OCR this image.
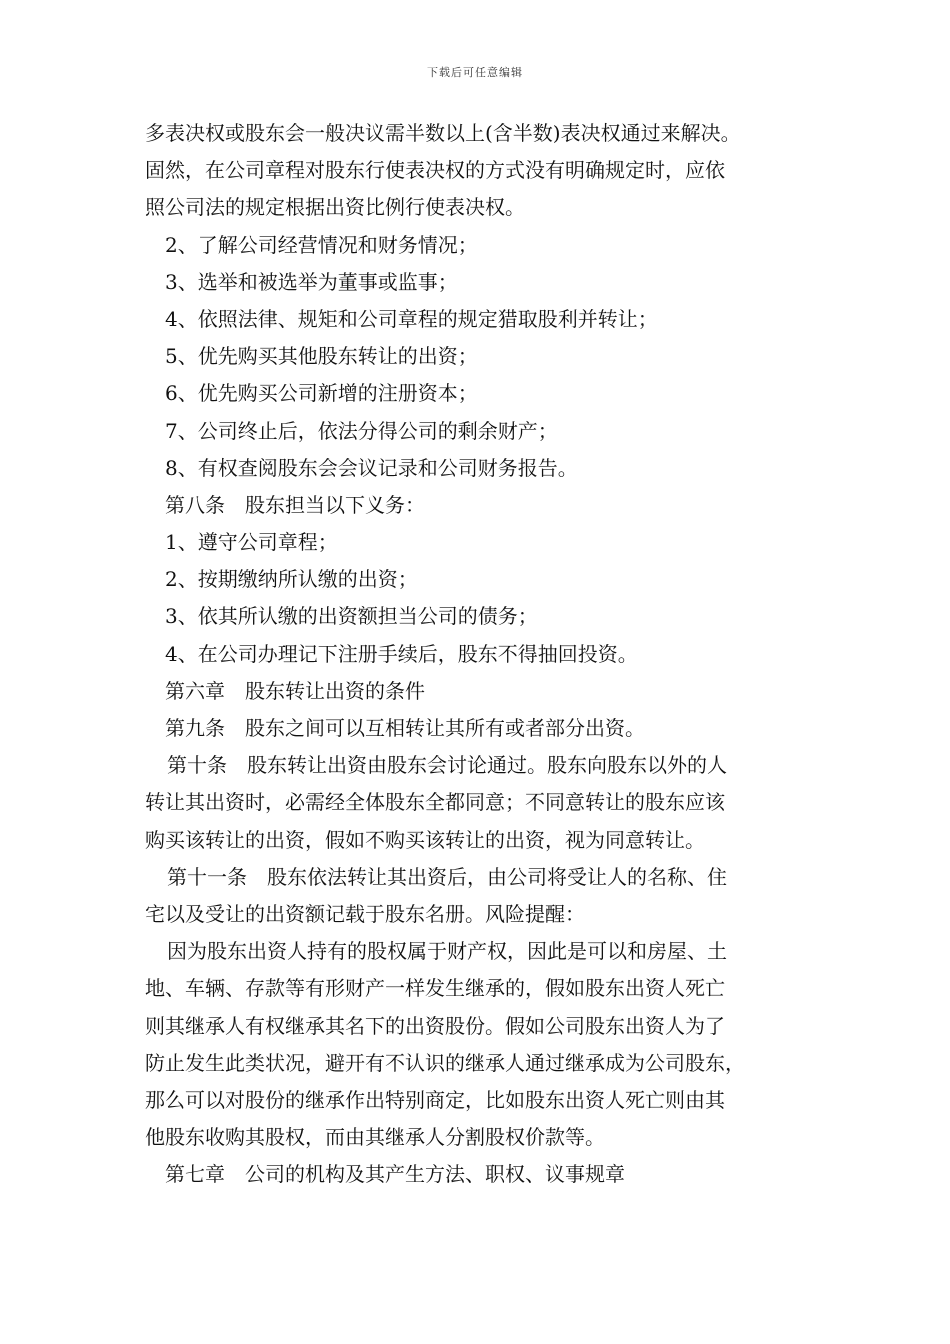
下载后可任意编辑
多表决权或股东会一般决议需半数以上(含半数)表决权通过来解决。
固然，在公司章程对股东行使表决权的方式没有明确规定时，应依
照公司法的规定根据出资比例行使表决权。
2、了解公司经营情况和财务情况；
3、选举和被选举为董事或监事；
4、依照法律、规矩和公司章程的规定猎取股利并转让；
5、优先购买其他股东转让的出资；
6、优先购买公司新增的注册资本；
7、公司终止后，依法分得公司的剩余财产；
8、有权查阅股东会会议记录和公司财务报告。
第八条　股东担当以下义务：
1、遵守公司章程；
2、按期缴纳所认缴的出资；
3、依其所认缴的出资额担当公司的债务；
4、在公司办理记下注册手续后，股东不得抽回投资。
第六章　股东转让出资的条件
第九条　股东之间可以互相转让其所有或者部分出资。
第十条　股东转让出资由股东会讨论通过。股东向股东以外的人
转让其出资时，必需经全体股东全都同意；不同意转让的股东应该
购买该转让的出资，假如不购买该转让的出资，视为同意转让。
第十一条　股东依法转让其出资后，由公司将受让人的名称、住
宅以及受让的出资额记载于股东名册。风险提醒：
因为股东出资人持有的股权属于财产权，因此是可以和房屋、土
地、车辆、存款等有形财产一样发生继承的，假如股东出资人死亡
则其继承人有权继承其名下的出资股份。假如公司股东出资人为了
防止发生此类状况，避开有不认识的继承人通过继承成为公司股东，
那么可以对股份的继承作出特别商定，比如股东出资人死亡则由其
他股东收购其股权，而由其继承人分割股权价款等。
第七章　公司的机构及其产生方法、职权、议事规章
